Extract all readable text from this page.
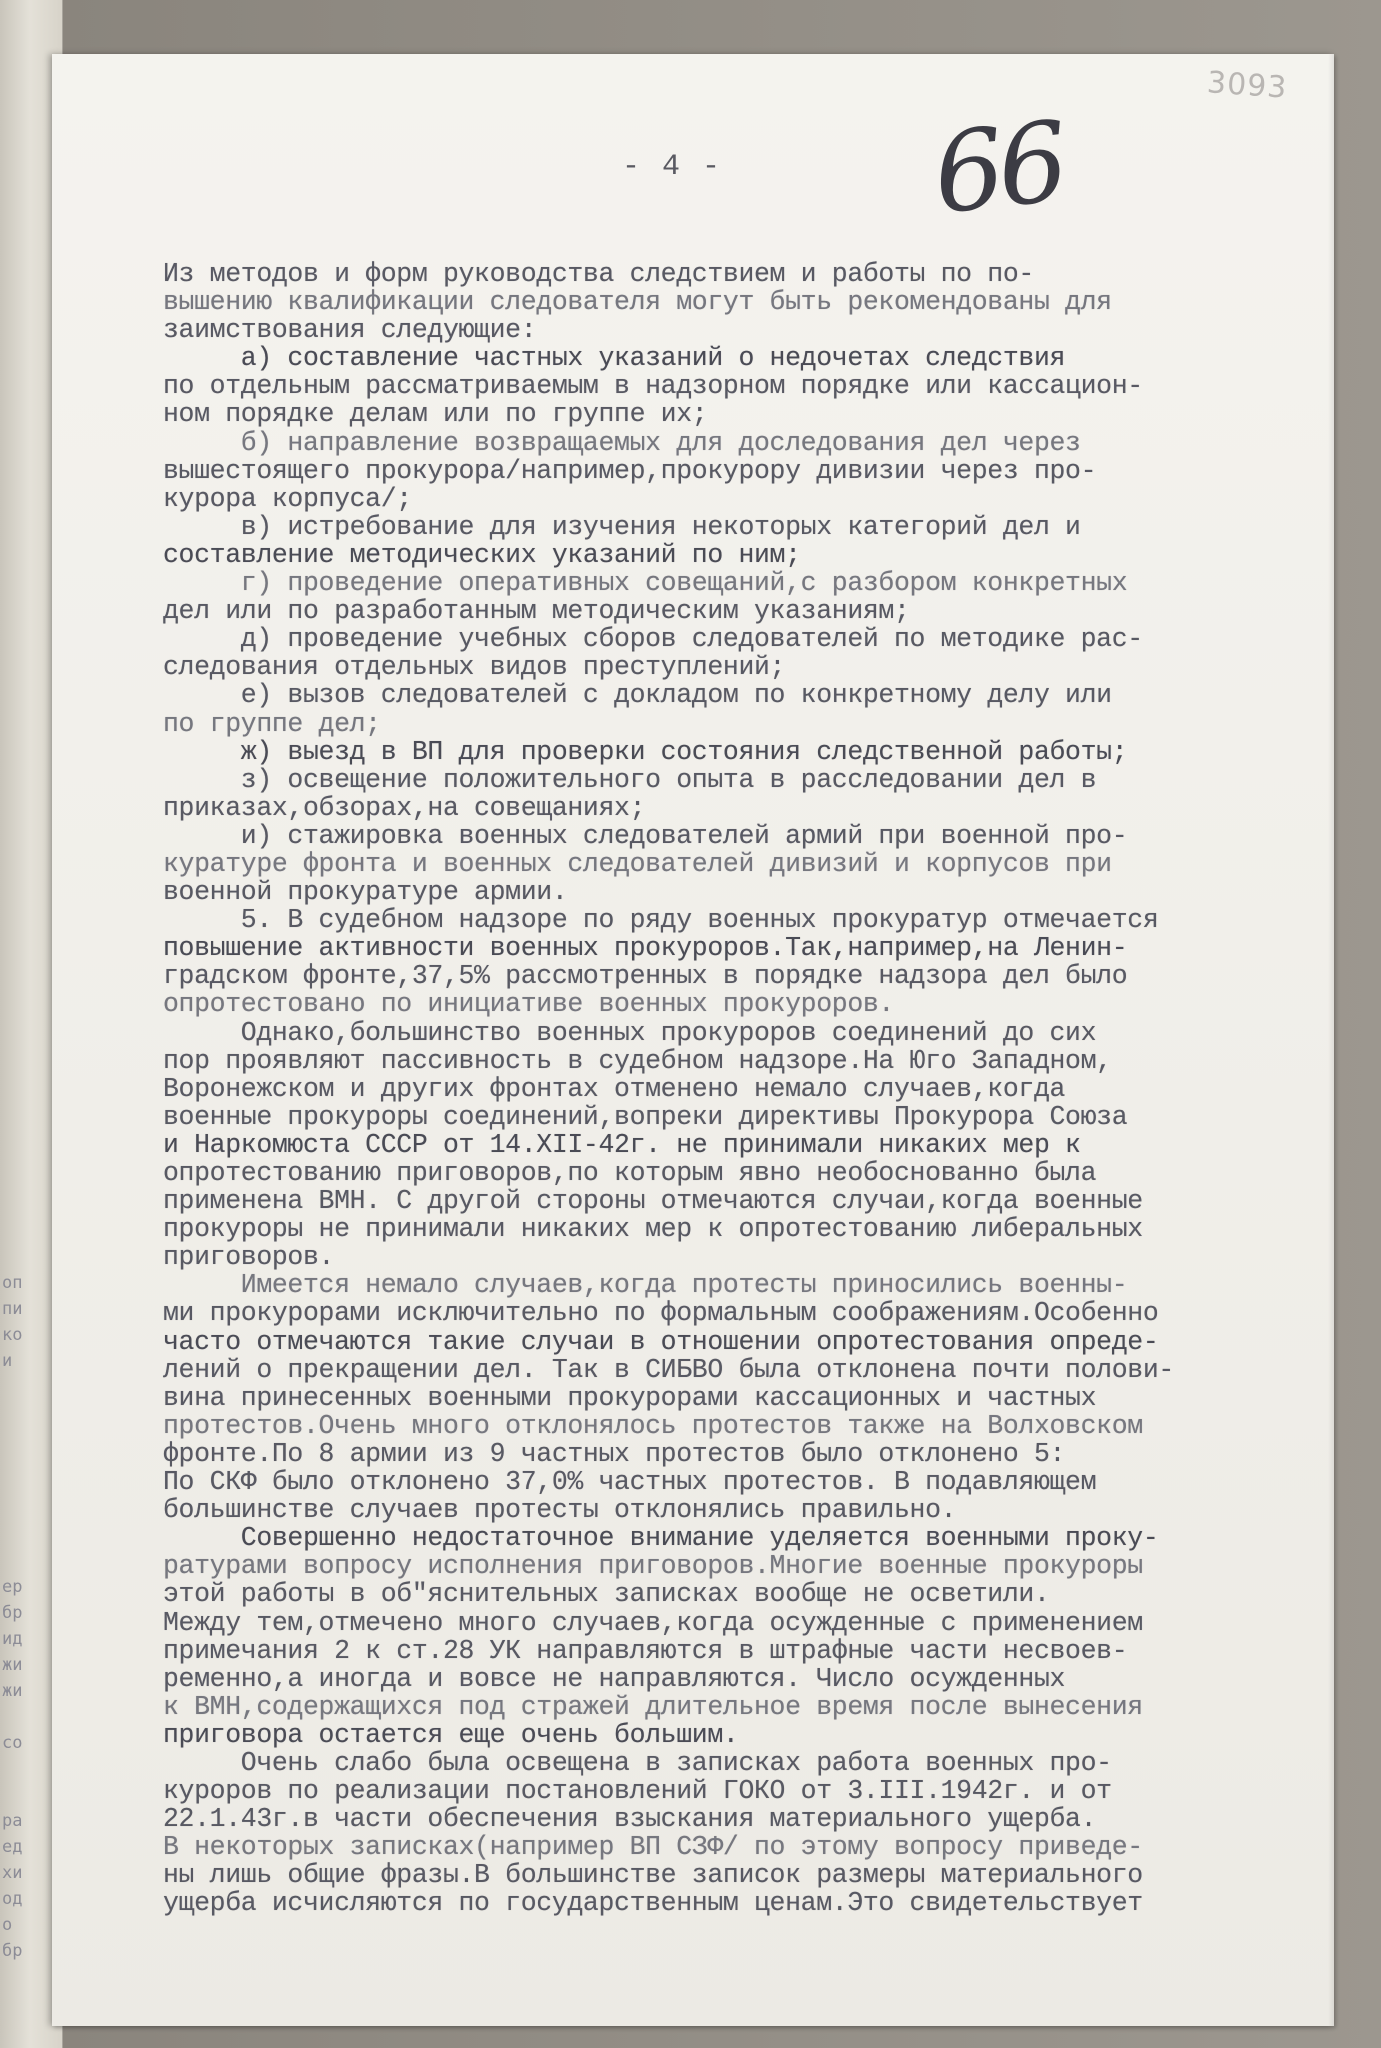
оп
пи
ко
и
ер
бр
ид
жи
жи
со
ра
ед
хи
од
о
бр
3093
- 4 - 66
Из методов и форм руководства следствием и работы по по-
вышению квалификации следователя могут быть рекомендованы для
заимствования следующие:
а) составление частных указаний о недочетах следствия
по отдельным рассматриваемым в надзорном порядке или кассацион-
ном порядке делам или по группе их;
б) направление возвращаемых для доследования дел через
вышестоящего прокурора/например,прокурору дивизии через про-
курора корпуса/;
в) истребование для изучения некоторых категорий дел и
составление методических указаний по ним;
г) проведение оперативных совещаний,с разбором конкретных
дел или по разработанным методическим указаниям;
д) проведение учебных сборов следователей по методике рас-
следования отдельных видов преступлений;
е) вызов следователей с докладом по конкретному делу или
по группе дел;
ж) выезд в ВП для проверки состояния следственной работы;
з) освещение положительного опыта в расследовании дел в
приказах,обзорах,на совещаниях;
и) стажировка военных следователей армий при военной про-
куратуре фронта и военных следователей дивизий и корпусов при
военной прокуратуре армии.
5. В судебном надзоре по ряду военных прокуратур отмечается
повышение активности военных прокуроров.Так,например,на Ленин-
градском фронте,37,5% рассмотренных в порядке надзора дел было
опротестовано по инициативе военных прокуроров.
Однако,большинство военных прокуроров соединений до сих
пор проявляют пассивность в судебном надзоре.На Юго Западном,
Воронежском и других фронтах отменено немало случаев,когда
военные прокуроры соединений,вопреки директивы Прокурора Союза
и Наркомюста СССР от 14.ХII-42г. не принимали никаких мер к
опротестованию приговоров,по которым явно необоснованно была
применена ВМН. С другой стороны отмечаются случаи,когда военные
прокуроры не принимали никаких мер к опротестованию либеральных
приговоров.
Имеется немало случаев,когда протесты приносились военны-
ми прокурорами исключительно по формальным соображениям.Особенно
часто отмечаются такие случаи в отношении опротестования опреде-
лений о прекращении дел. Так в СИБВО была отклонена почти полови-
вина принесенных военными прокурорами кассационных и частных
протестов.Очень много отклонялось протестов также на Волховском
фронте.По 8 армии из 9 частных протестов было отклонено 5:
По СКФ было отклонено 37,0% частных протестов. В подавляющем
большинстве случаев протесты отклонялись правильно.
Совершенно недостаточное внимание уделяется военными проку-
ратурами вопросу исполнения приговоров.Многие военные прокуроры
этой работы в об"яснительных записках вообще не осветили.
Между тем,отмечено много случаев,когда осужденные с применением
примечания 2 к ст.28 УК направляются в штрафные части несвоев-
ременно,а иногда и вовсе не направляются. Число осужденных
к ВМН,содержащихся под стражей длительное время после вынесения
приговора остается еще очень большим.
Очень слабо была освещена в записках работа военных про-
куроров по реализации постановлений ГОКО от 3.III.1942г. и от
22.1.43г.в части обеспечения взыскания материального ущерба.
В некоторых записках(например ВП СЗФ/ по этому вопросу приведе-
ны лишь общие фразы.В большинстве записок размеры материального
ущерба исчисляются по государственным ценам.Это свидетельствует
